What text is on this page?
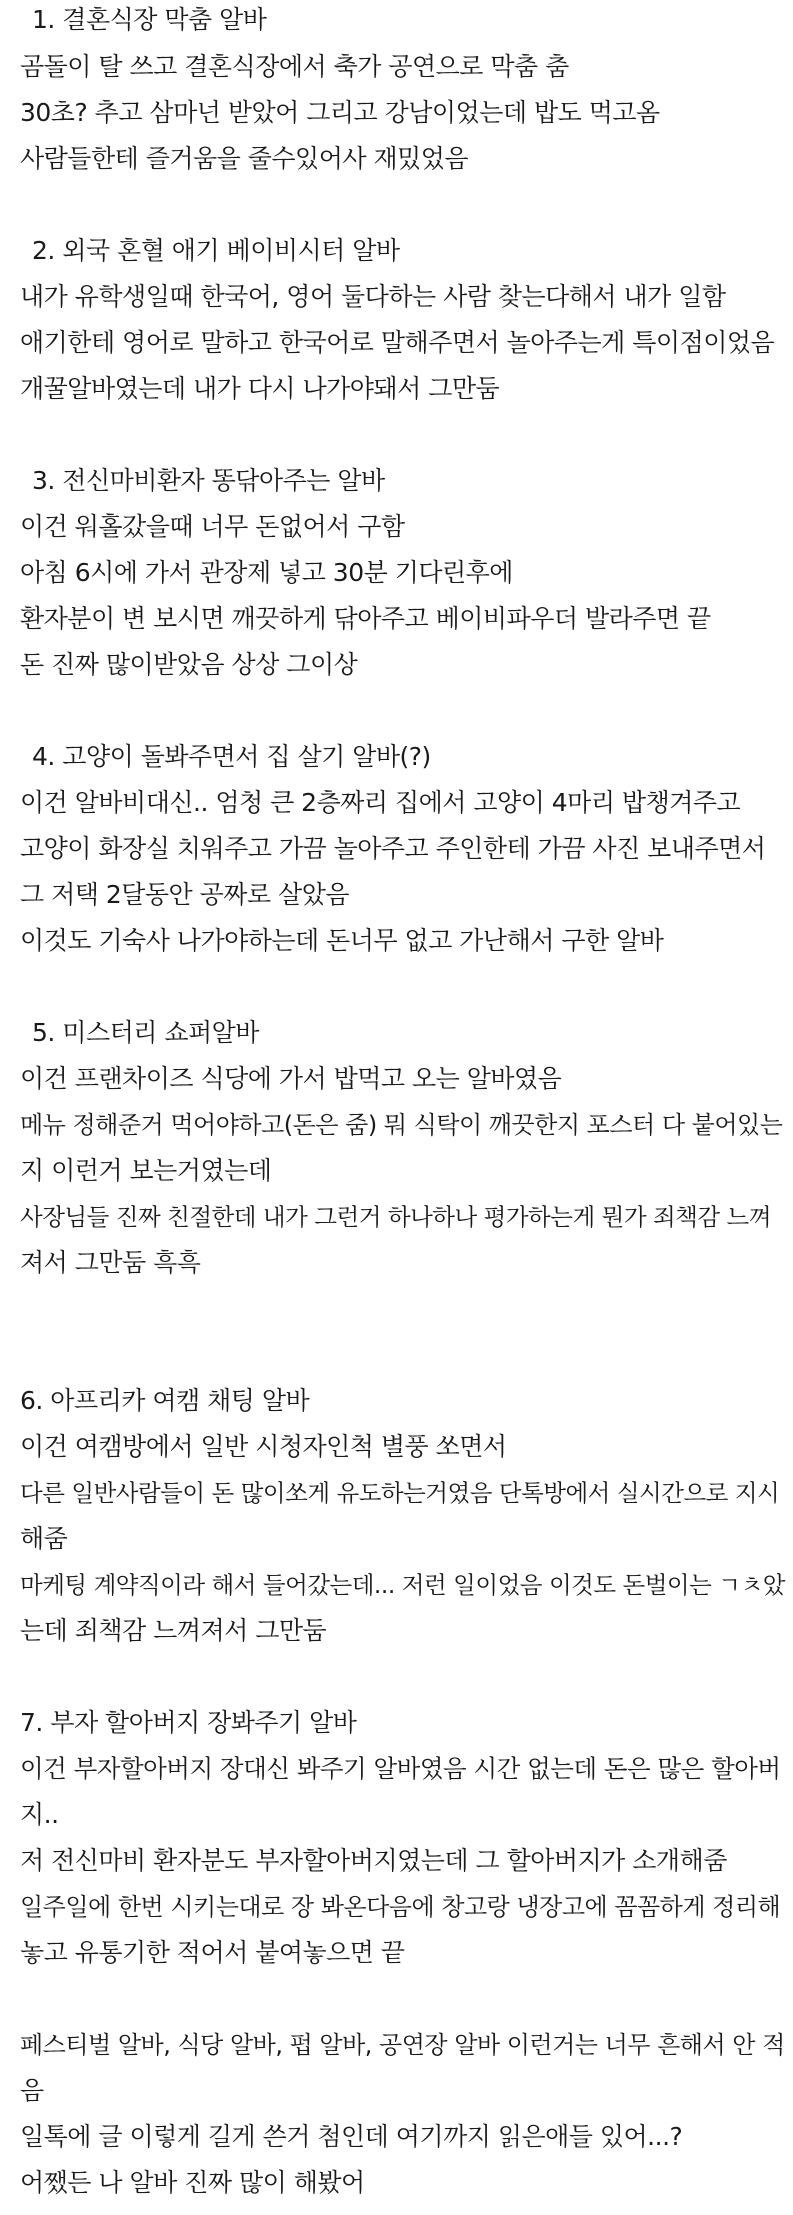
1. 결혼식장 막춤 알바
곰돌이 탈 쓰고 결혼식장에서 축가 공연으로 막춤 춤
30초? 추고 삼마넌 받았어 그리고 강남이었는데 밥도 먹고옴
사람들한테 즐거움을 줄수있어사 재밌었음
2. 외국 혼혈 애기 베이비시터 알바
내가 유학생일때 한국어, 영어 둘다하는 사람 찾는다해서 내가 일함
애기한테 영어로 말하고 한국어로 말해주면서 놀아주는게 특이점이었음
개꿀알바였는데 내가 다시 나가야돼서 그만둠
3. 전신마비환자 똥닦아주는 알바
이건 워홀갔을때 너무 돈없어서 구함
아침 6시에 가서 관장제 넣고 30분 기다린후에
환자분이 변 보시면 깨끗하게 닦아주고 베이비파우더 발라주면 끝
돈 진짜 많이받았음 상상 그이상
4. 고양이 돌봐주면서 집 살기 알바(?)
이건 알바비대신.. 엄청 큰 2층짜리 집에서 고양이 4마리 밥챙겨주고
고양이 화장실 치워주고 가끔 놀아주고 주인한테 가끔 사진 보내주면서
그 저택 2달동안 공짜로 살았음
이것도 기숙사 나가야하는데 돈너무 없고 가난해서 구한 알바
5. 미스터리 쇼퍼알바
이건 프랜차이즈 식당에 가서 밥먹고 오는 알바였음
메뉴 정해준거 먹어야하고(돈은 줌) 뭐 식탁이 깨끗한지 포스터 다 붙어있는
지 이런거 보는거였는데
사장님들 진짜 친절한데 내가 그런거 하나하나 평가하는게 뭔가 죄책감 느껴
져서 그만둠 흑흑
6. 아프리카 여캠 채팅 알바
이건 여캠방에서 일반 시청자인척 별풍 쏘면서
다른 일반사람들이 돈 많이쏘게 유도하는거였음 단톡방에서 실시간으로 지시
해줌
마케팅 계약직이라 해서 들어갔는데... 저런 일이었음 이것도 돈벌이는 ㄱㅊ았
는데 죄책감 느껴져서 그만둠
7. 부자 할아버지 장봐주기 알바
이건 부자할아버지 장대신 봐주기 알바였음 시간 없는데 돈은 많은 할아버
지..
저 전신마비 환자분도 부자할아버지였는데 그 할아버지가 소개해줌
일주일에 한번 시키는대로 장 봐온다음에 창고랑 냉장고에 꼼꼼하게 정리해
놓고 유통기한 적어서 붙여놓으면 끝
페스티벌 알바, 식당 알바, 펍 알바, 공연장 알바 이런거는 너무 흔해서 안 적
음
일톡에 글 이렇게 길게 쓴거 첨인데 여기까지 읽은애들 있어...?
어쨌든 나 알바 진짜 많이 해봤어
